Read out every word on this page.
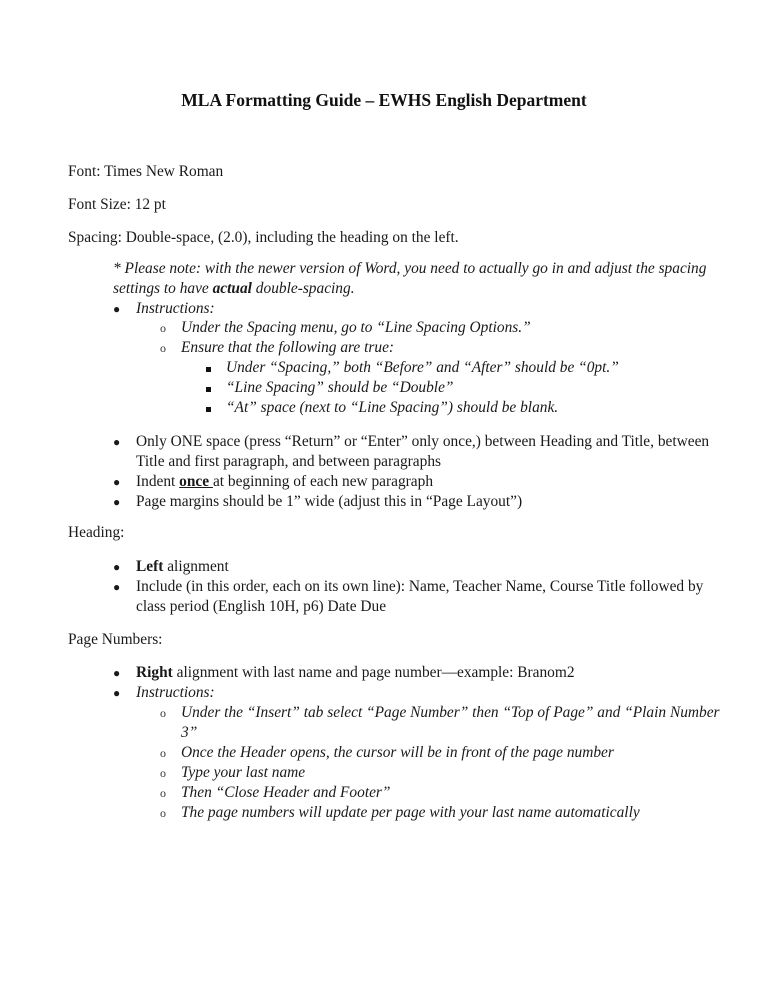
MLA Formatting Guide – EWHS English Department
Font: Times New Roman
Font Size: 12 pt
Spacing: Double-space, (2.0), including the heading on the left.
* Please note: with the newer version of Word, you need to actually go in and adjust the spacing
settings to have actual double-spacing.
● Instructions:
o Under the Spacing menu, go to “Line Spacing Options.”
o Ensure that the following are true:
Under “Spacing,” both “Before” and “After” should be “0pt.”
“Line Spacing” should be “Double”
“At” space (next to “Line Spacing”) should be blank.
● Only ONE space (press “Return” or “Enter” only once,) between Heading and Title, between
Title and first paragraph, and between paragraphs
● Indent once at beginning of each new paragraph
● Page margins should be 1” wide (adjust this in “Page Layout”)
Heading:
● Left alignment
● Include (in this order, each on its own line): Name, Teacher Name, Course Title followed by
class period (English 10H, p6) Date Due
Page Numbers:
● Right alignment with last name and page number—example: Branom2
● Instructions:
o Under the “Insert” tab select “Page Number” then “Top of Page” and “Plain Number
3”
o Once the Header opens, the cursor will be in front of the page number
o Type your last name
o Then “Close Header and Footer”
o The page numbers will update per page with your last name automatically
